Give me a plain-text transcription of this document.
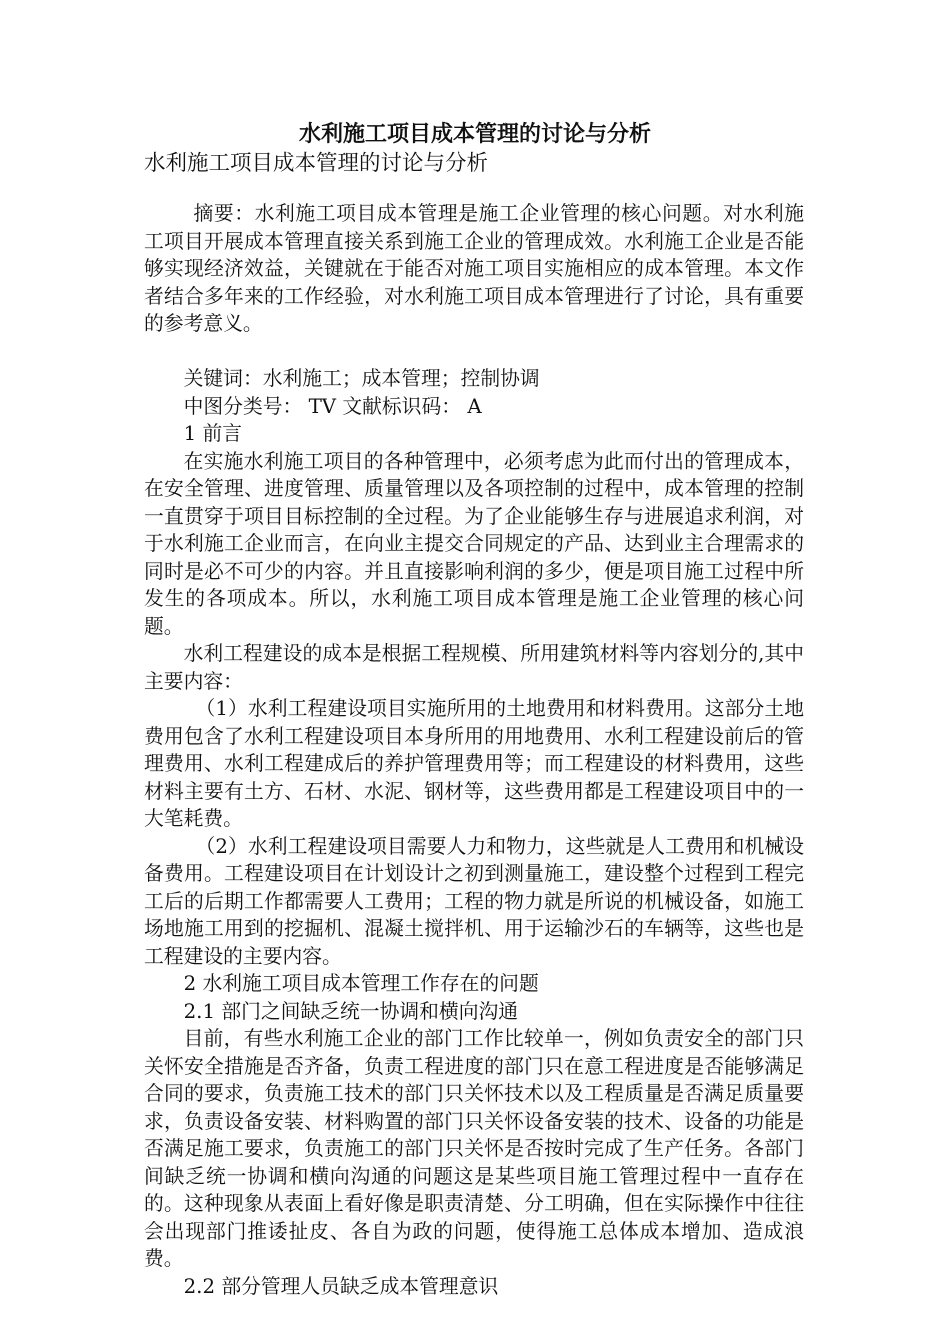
水利施工项目成本管理的讨论与分析
水利施工项目成本管理的讨论与分析

摘要：水利施工项目成本管理是施工企业管理的核心问题。对水利施工项目开展成本管理直接关系到施工企业的管理成效。水利施工企业是否能够实现经济效益，关键就在于能否对施工项目实施相应的成本管理。本文作者结合多年来的工作经验，对水利施工项目成本管理进行了讨论，具有重要的参考意义。

关键词：水利施工；成本管理；控制协调

中图分类号： TV 文献标识码： A

1 前言

在实施水利施工项目的各种管理中，必须考虑为此而付出的管理成本，在安全管理、进度管理、质量管理以及各项控制的过程中，成本管理的控制一直贯穿于项目目标控制的全过程。为了企业能够生存与进展追求利润，对于水利施工企业而言，在向业主提交合同规定的产品、达到业主合理需求的同时是必不可少的内容。并且直接影响利润的多少，便是项目施工过程中所发生的各项成本。所以，水利施工项目成本管理是施工企业管理的核心问题。

水利工程建设的成本是根据工程规模、所用建筑材料等内容划分的,其中主要内容：

（1）水利工程建设项目实施所用的土地费用和材料费用。这部分土地费用包含了水利工程建设项目本身所用的用地费用、水利工程建设前后的管理费用、水利工程建成后的养护管理费用等；而工程建设的材料费用，这些材料主要有土方、石材、水泥、钢材等，这些费用都是工程建设项目中的一大笔耗费。

（2）水利工程建设项目需要人力和物力，这些就是人工费用和机械设备费用。工程建设项目在计划设计之初到测量施工，建设整个过程到工程完工后的后期工作都需要人工费用；工程的物力就是所说的机械设备，如施工场地施工用到的挖掘机、混凝土搅拌机、用于运输沙石的车辆等，这些也是工程建设的主要内容。

2 水利施工项目成本管理工作存在的问题

2.1 部门之间缺乏统一协调和横向沟通

目前，有些水利施工企业的部门工作比较单一，例如负责安全的部门只关怀安全措施是否齐备，负责工程进度的部门只在意工程进度是否能够满足合同的要求，负责施工技术的部门只关怀技术以及工程质量是否满足质量要求，负责设备安装、材料购置的部门只关怀设备安装的技术、设备的功能是否满足施工要求，负责施工的部门只关怀是否按时完成了生产任务。各部门间缺乏统一协调和横向沟通的问题这是某些项目施工管理过程中一直存在的。这种现象从表面上看好像是职责清楚、分工明确，但在实际操作中往往会出现部门推诿扯皮、各自为政的问题，使得施工总体成本增加、造成浪费。

2.2 部分管理人员缺乏成本管理意识
